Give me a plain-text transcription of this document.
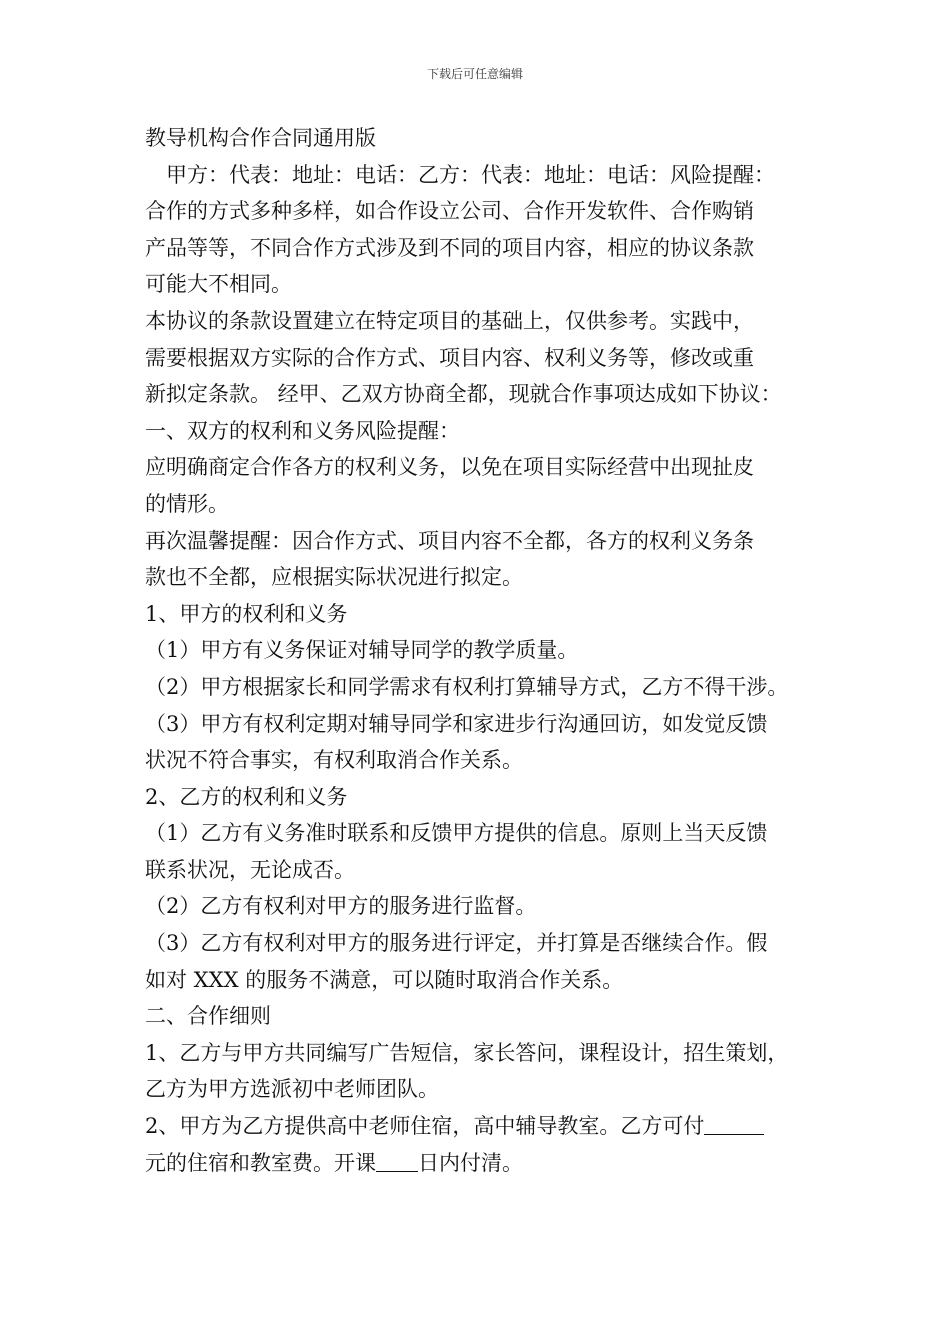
下载后可任意编辑
教导机构合作合同通用版
甲方：代表：地址：电话：乙方：代表：地址：电话：风险提醒：
合作的方式多种多样，如合作设立公司、合作开发软件、合作购销
产品等等，不同合作方式涉及到不同的项目内容，相应的协议条款
可能大不相同。
本协议的条款设置建立在特定项目的基础上，仅供参考。实践中，
需要根据双方实际的合作方式、项目内容、权利义务等，修改或重
新拟定条款。 经甲、乙双方协商全都，现就合作事项达成如下协议：
一、双方的权利和义务风险提醒：
应明确商定合作各方的权利义务，以免在项目实际经营中出现扯皮
的情形。
再次温馨提醒：因合作方式、项目内容不全都，各方的权利义务条
款也不全都，应根据实际状况进行拟定。
1、甲方的权利和义务
（1）甲方有义务保证对辅导同学的教学质量。
（2）甲方根据家长和同学需求有权利打算辅导方式，乙方不得干涉。
（3）甲方有权利定期对辅导同学和家进步行沟通回访，如发觉反馈
状况不符合事实，有权利取消合作关系。
2、乙方的权利和义务
（1）乙方有义务准时联系和反馈甲方提供的信息。原则上当天反馈
联系状况，无论成否。
（2）乙方有权利对甲方的服务进行监督。
（3）乙方有权利对甲方的服务进行评定，并打算是否继续合作。假
如对 XXX 的服务不满意，可以随时取消合作关系。
二、合作细则
1、乙方与甲方共同编写广告短信，家长答问，课程设计，招生策划，
乙方为甲方选派初中老师团队。
2、甲方为乙方提供高中老师住宿，高中辅导教室。乙方可付
元的住宿和教室费。开课 日内付清。
